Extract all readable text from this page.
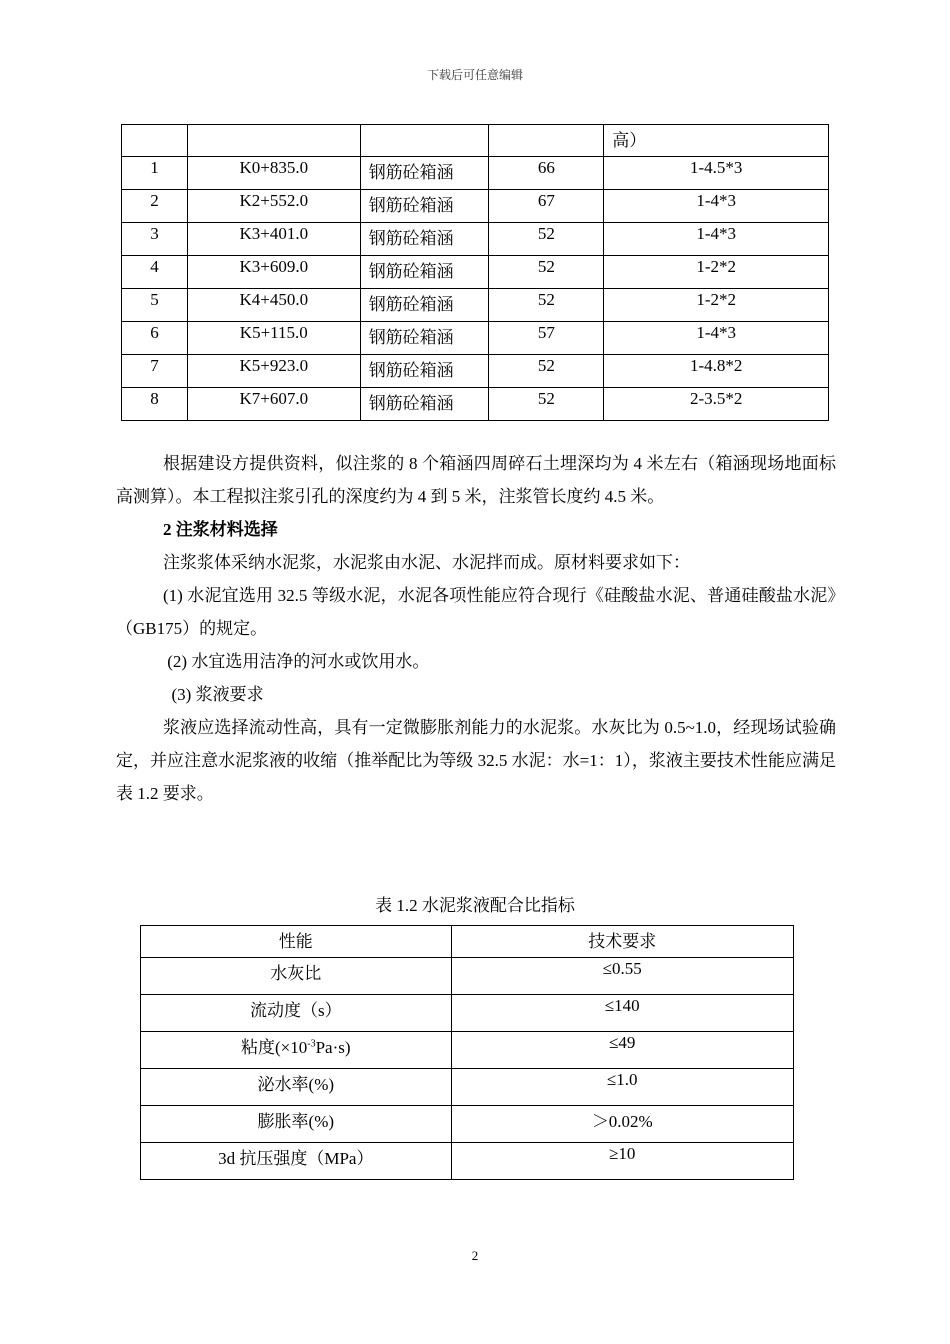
下载后可任意编辑
				高）
1	K0+835.0	钢筋砼箱涵	66	1-4.5*3
2	K2+552.0	钢筋砼箱涵	67	1-4*3
3	K3+401.0	钢筋砼箱涵	52	1-4*3
4	K3+609.0	钢筋砼箱涵	52	1-2*2
5	K4+450.0	钢筋砼箱涵	52	1-2*2
6	K5+115.0	钢筋砼箱涵	57	1-4*3
7	K5+923.0	钢筋砼箱涵	52	1-4.8*2
8	K7+607.0	钢筋砼箱涵	52	2-3.5*2

根据建设方提供资料，似注浆的 8 个箱涵四周碎石土埋深均为 4 米左右（箱涵现场地面标高测算）。本工程拟注浆引孔的深度约为 4 到 5 米，注浆管长度约 4.5 米。

2 注浆材料选择

注浆浆体采纳水泥浆，水泥浆由水泥、水泥拌而成。原材料要求如下：

(1) 水泥宜选用 32.5 等级水泥，水泥各项性能应符合现行《硅酸盐水泥、普通硅酸盐水泥》（GB175）的规定。

(2) 水宜选用洁净的河水或饮用水。

(3) 浆液要求

浆液应选择流动性高，具有一定微膨胀剂能力的水泥浆。水灰比为 0.5~1.0，经现场试验确定，并应注意水泥浆液的收缩（推举配比为等级 32.5 水泥：水=1：1），浆液主要技术性能应满足表 1.2 要求。

表 1.2 水泥浆液配合比指标
性能	技术要求
水灰比	≤0.55
流动度（s）	≤140
粘度$(\times 10^{-3}Pa\cdot s)$	≤49
泌水率(%)	≤1.0
膨胀率(%)	＞0.02%
3d 抗压强度（MPa）	≥10
2
